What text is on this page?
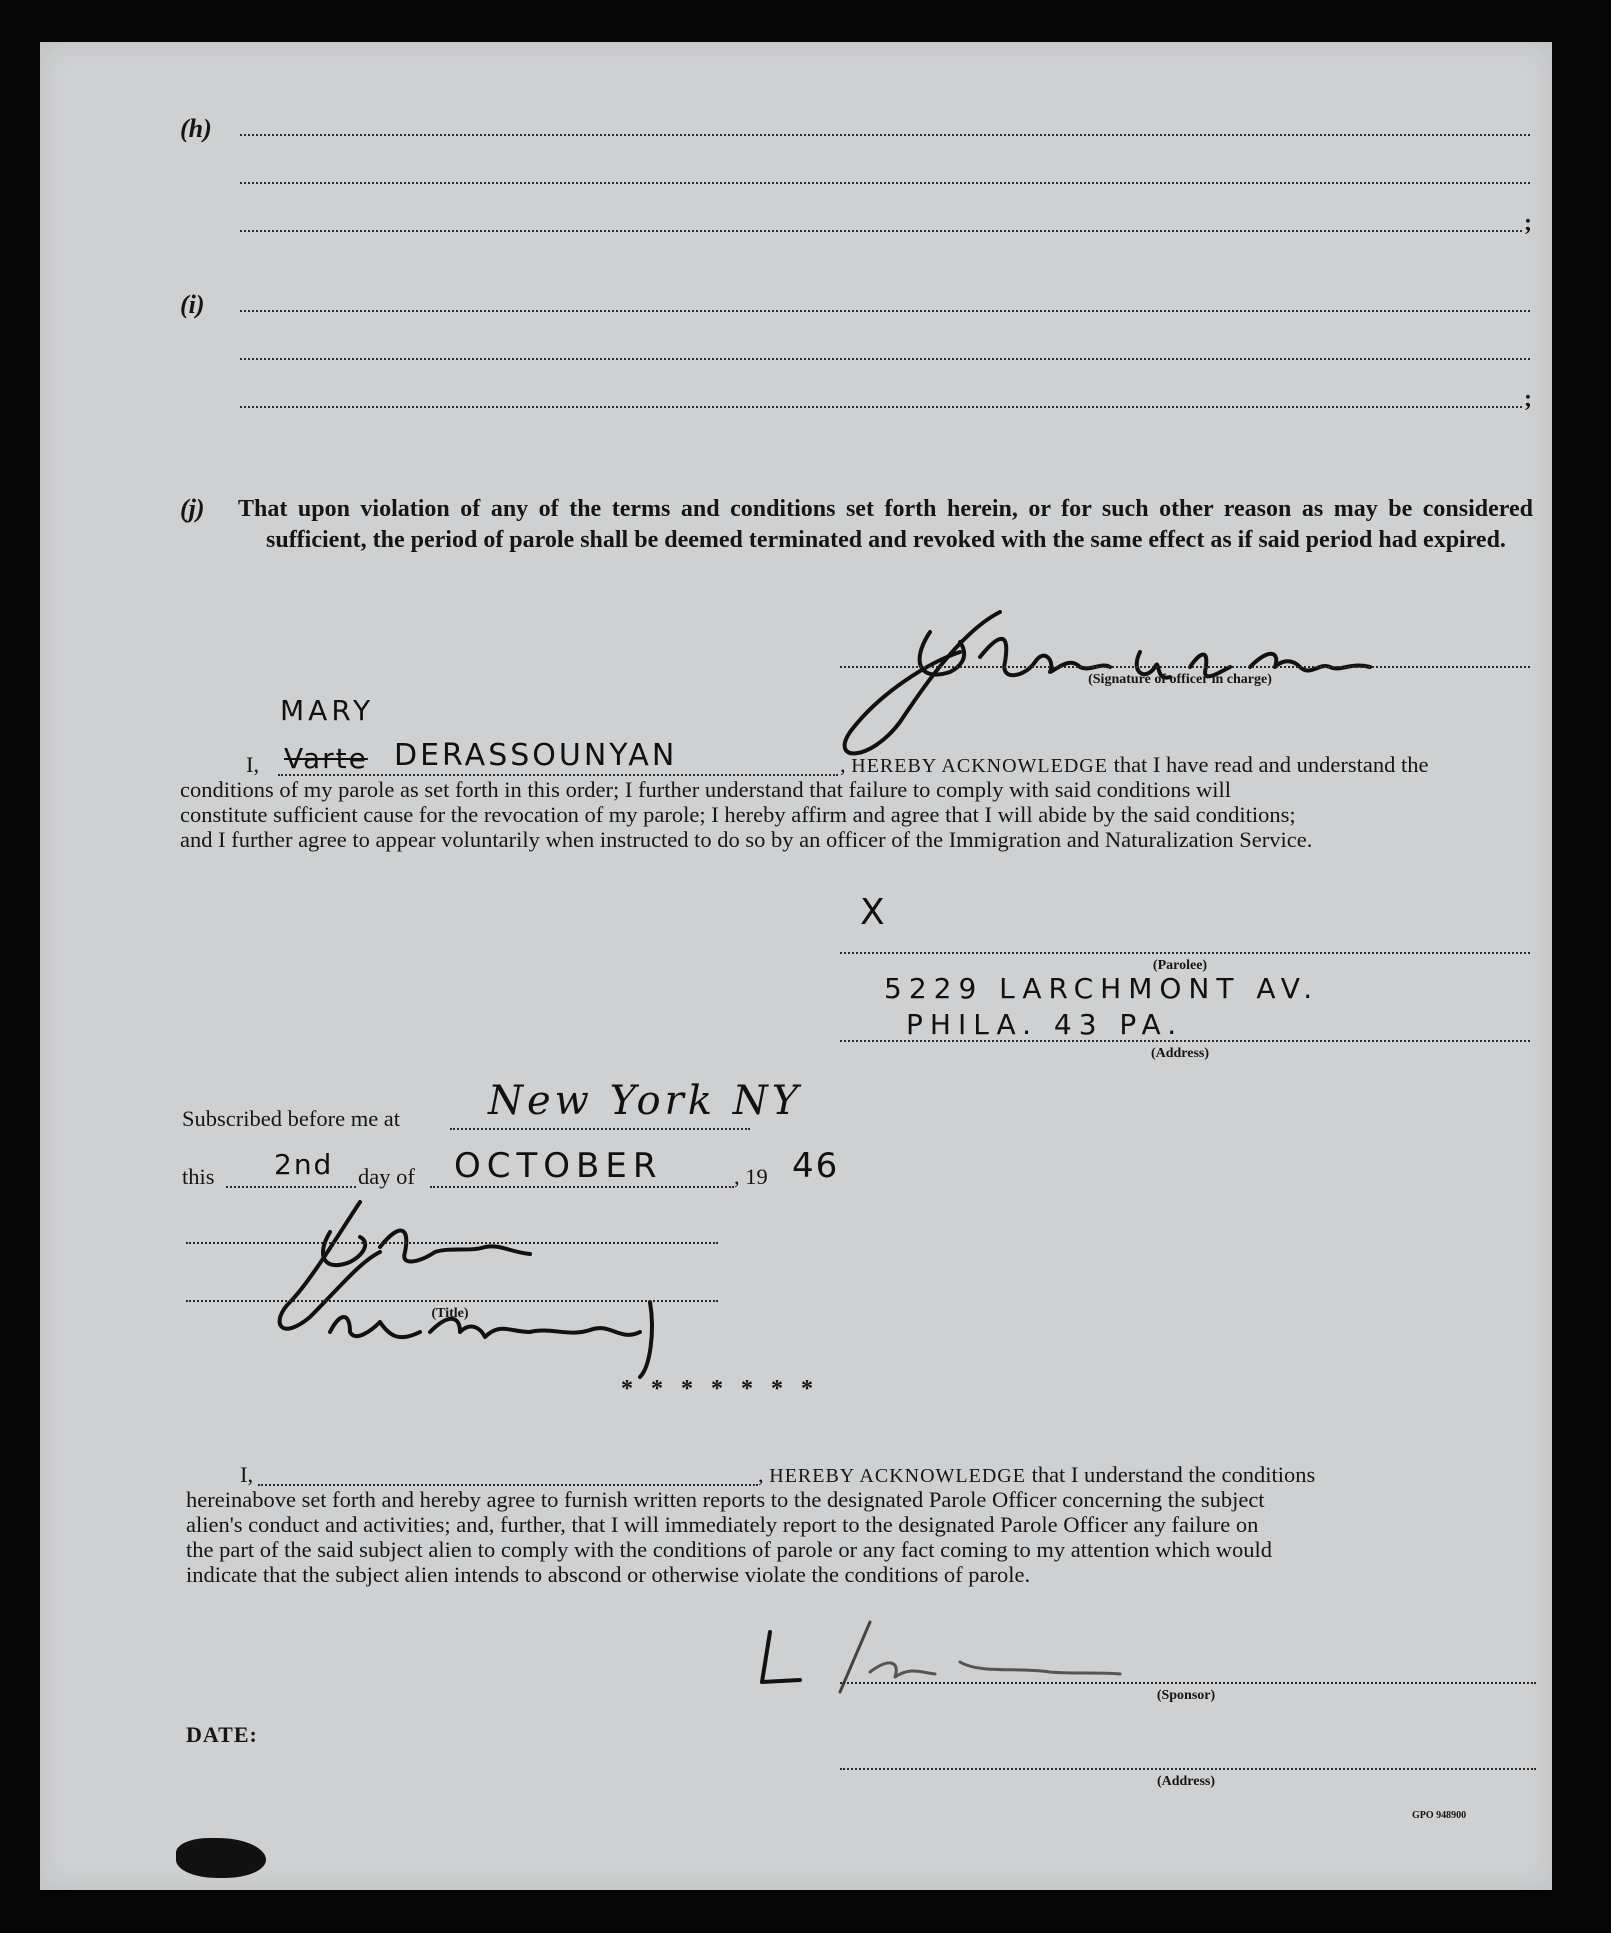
(h)
;
(i)
;
(j) That upon violation of any of the terms and conditions set forth herein, or for such other reason as may be considered sufficient, the period of parole shall be deemed terminated and revoked with the same effect as if said period had expired.
(Signature of officer in charge)
MARY
I, Varte DERASSOUNYAN	, HEREBY ACKNOWLEDGE that I have read and understand the
conditions of my parole as set forth in this order; I further understand that failure to comply with said conditions will
constitute sufficient cause for the revocation of my parole; I hereby affirm and agree that I will abide by the said conditions;
and I further agree to appear voluntarily when instructed to do so by an officer of the Immigration and Naturalization Service.
X
(Parolee)
5229 LARCHMONT AV.
PHILA. 43 PA.
(Address)
Subscribed before me at New York NY
this 2nd day of OCTOBER	, 19 46
(Title)
* * * * * * *
I,	, HEREBY ACKNOWLEDGE that I understand the conditions
hereinabove set forth and hereby agree to furnish written reports to the designated Parole Officer concerning the subject
alien's conduct and activities; and, further, that I will immediately report to the designated Parole Officer any failure on
the part of the said subject alien to comply with the conditions of parole or any fact coming to my attention which would
indicate that the subject alien intends to abscond or otherwise violate the conditions of parole.
(Sponsor)
DATE:
(Address)
GPO 948900
